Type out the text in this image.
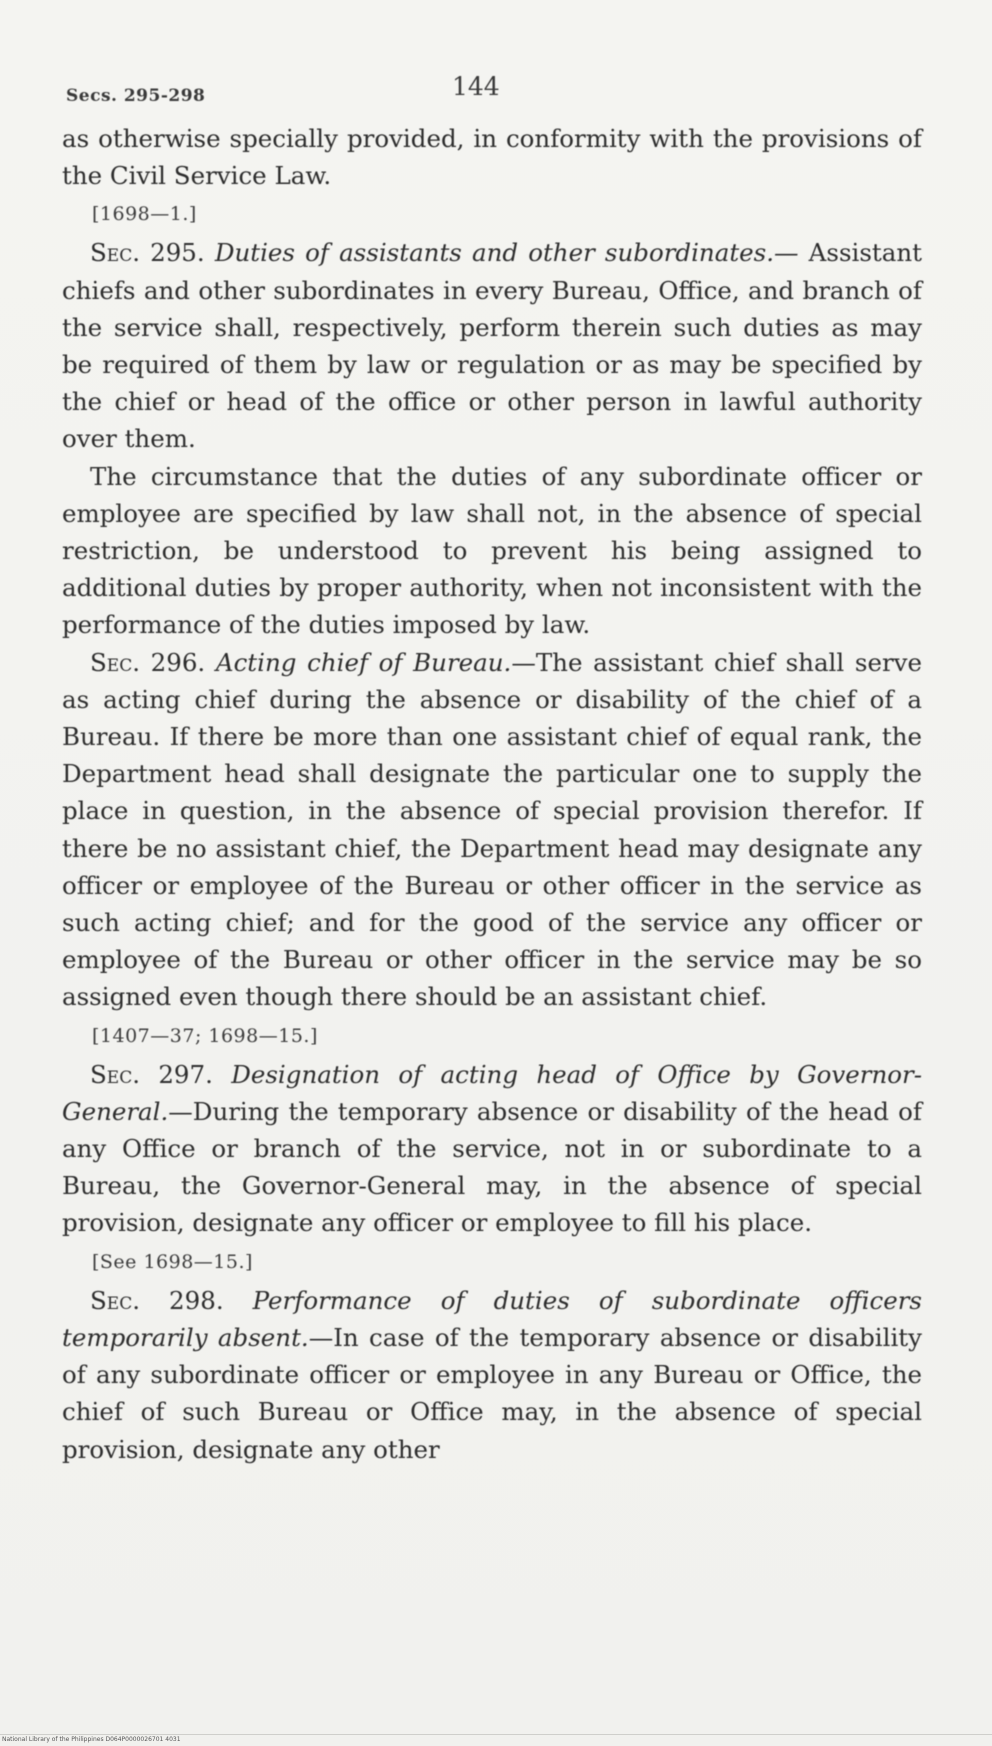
Secs. 295-298	144

as otherwise specially provided, in conformity with the provisions of the Civil Service Law.

[1698—1.]

Sec. 295. Duties of assistants and other subordinates.— Assistant chiefs and other subordinates in every Bureau, Office, and branch of the service shall, respectively, perform therein such duties as may be required of them by law or regulation or as may be specified by the chief or head of the office or other person in lawful authority over them.

The circumstance that the duties of any subordinate officer or employee are specified by law shall not, in the absence of special restriction, be understood to prevent his being assigned to additional duties by proper authority, when not inconsistent with the performance of the duties imposed by law.

Sec. 296. Acting chief of Bureau.—The assistant chief shall serve as acting chief during the absence or disability of the chief of a Bureau. If there be more than one assistant chief of equal rank, the Department head shall designate the particular one to supply the place in question, in the absence of special provision therefor. If there be no assistant chief, the Department head may designate any officer or employee of the Bureau or other officer in the service as such acting chief; and for the good of the service any officer or employee of the Bureau or other officer in the service may be so assigned even though there should be an assistant chief.

[1407—37; 1698—15.]

Sec. 297. Designation of acting head of Office by Governor-General.—During the temporary absence or disability of the head of any Office or branch of the service, not in or subordinate to a Bureau, the Governor-General may, in the absence of special provision, designate any officer or employee to fill his place.

[See 1698—15.]

Sec. 298. Performance of duties of subordinate officers temporarily absent.—In case of the temporary absence or disability of any subordinate officer or employee in any Bureau or Office, the chief of such Bureau or Office may, in the absence of special provision, designate any other

National Library of the Philippines D064P0000026701 4031
